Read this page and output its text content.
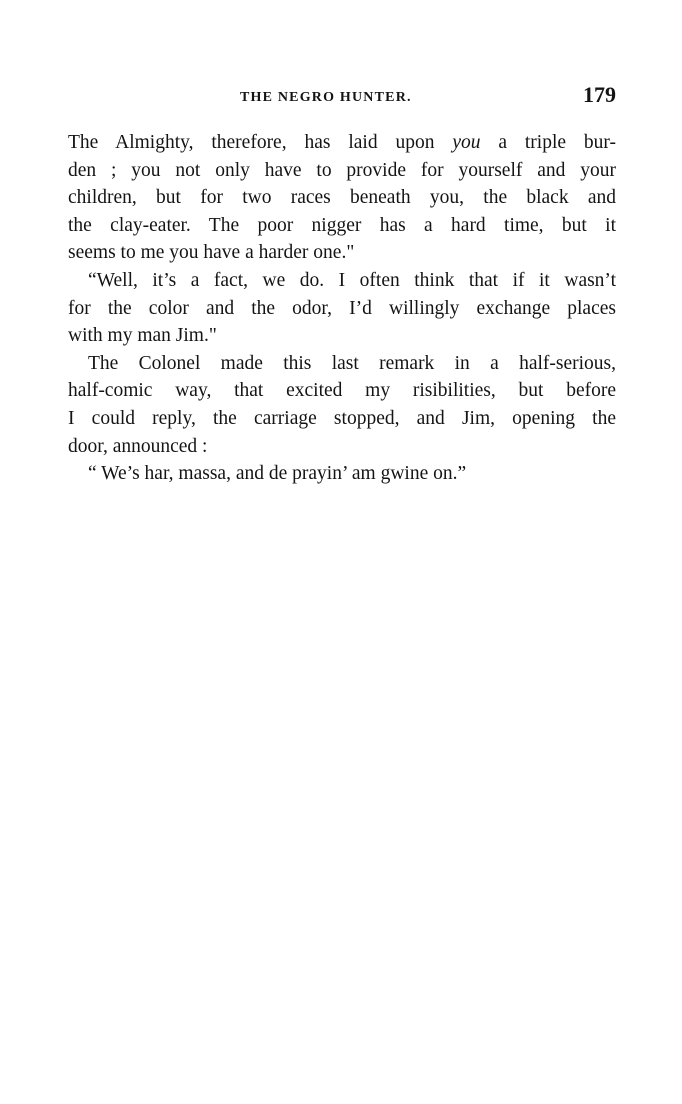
THE NEGRO HUNTER.	179
The Almighty, therefore, has laid upon you a triple bur-
den ; you not only have to provide for yourself and your
children, but for two races beneath you, the black and
the clay-eater. The poor nigger has a hard time, but it
seems to me you have a harder one."
“Well, it’s a fact, we do. I often think that if it wasn’t
for the color and the odor, I’d willingly exchange places
with my man Jim."
The Colonel made this last remark in a half-serious,
half-comic way, that excited my risibilities, but before
I could reply, the carriage stopped, and Jim, opening the
door, announced :
“ We’s har, massa, and de prayin’ am gwine on.”
